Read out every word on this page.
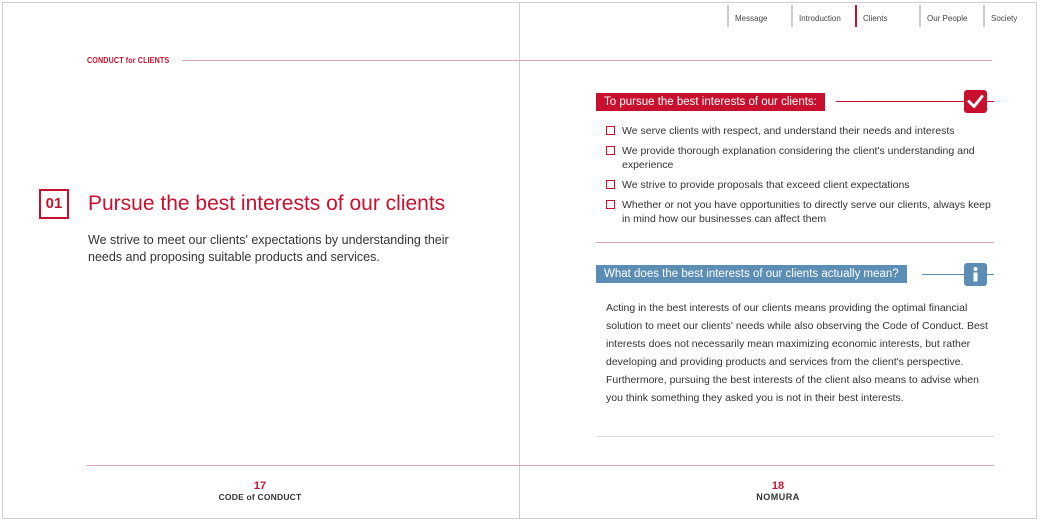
Message	Introduction	Clients	Our People	Society
CONDUCT for CLIENTS
01	Pursue the best interests of our clients
We strive to meet our clients' expectations by understanding their needs and proposing suitable products and services.
To pursue the best interests of our clients:
We serve clients with respect, and understand their needs and interests
We provide thorough explanation considering the client's understanding and experience
We strive to provide proposals that exceed client expectations
Whether or not you have opportunities to directly serve our clients, always keep in mind how our businesses can affect them
What does the best interests of our clients actually mean?

Acting in the best interests of our clients means providing the optimal financial solution to meet our clients' needs while also observing the Code of Conduct. Best interests does not necessarily mean maximizing economic interests, but rather developing and providing products and services from the client's perspective.

Furthermore, pursuing the best interests of the client also means to advise when you think something they asked you is not in their best interests.

17
CODE of CONDUCT
18
NOMURA
